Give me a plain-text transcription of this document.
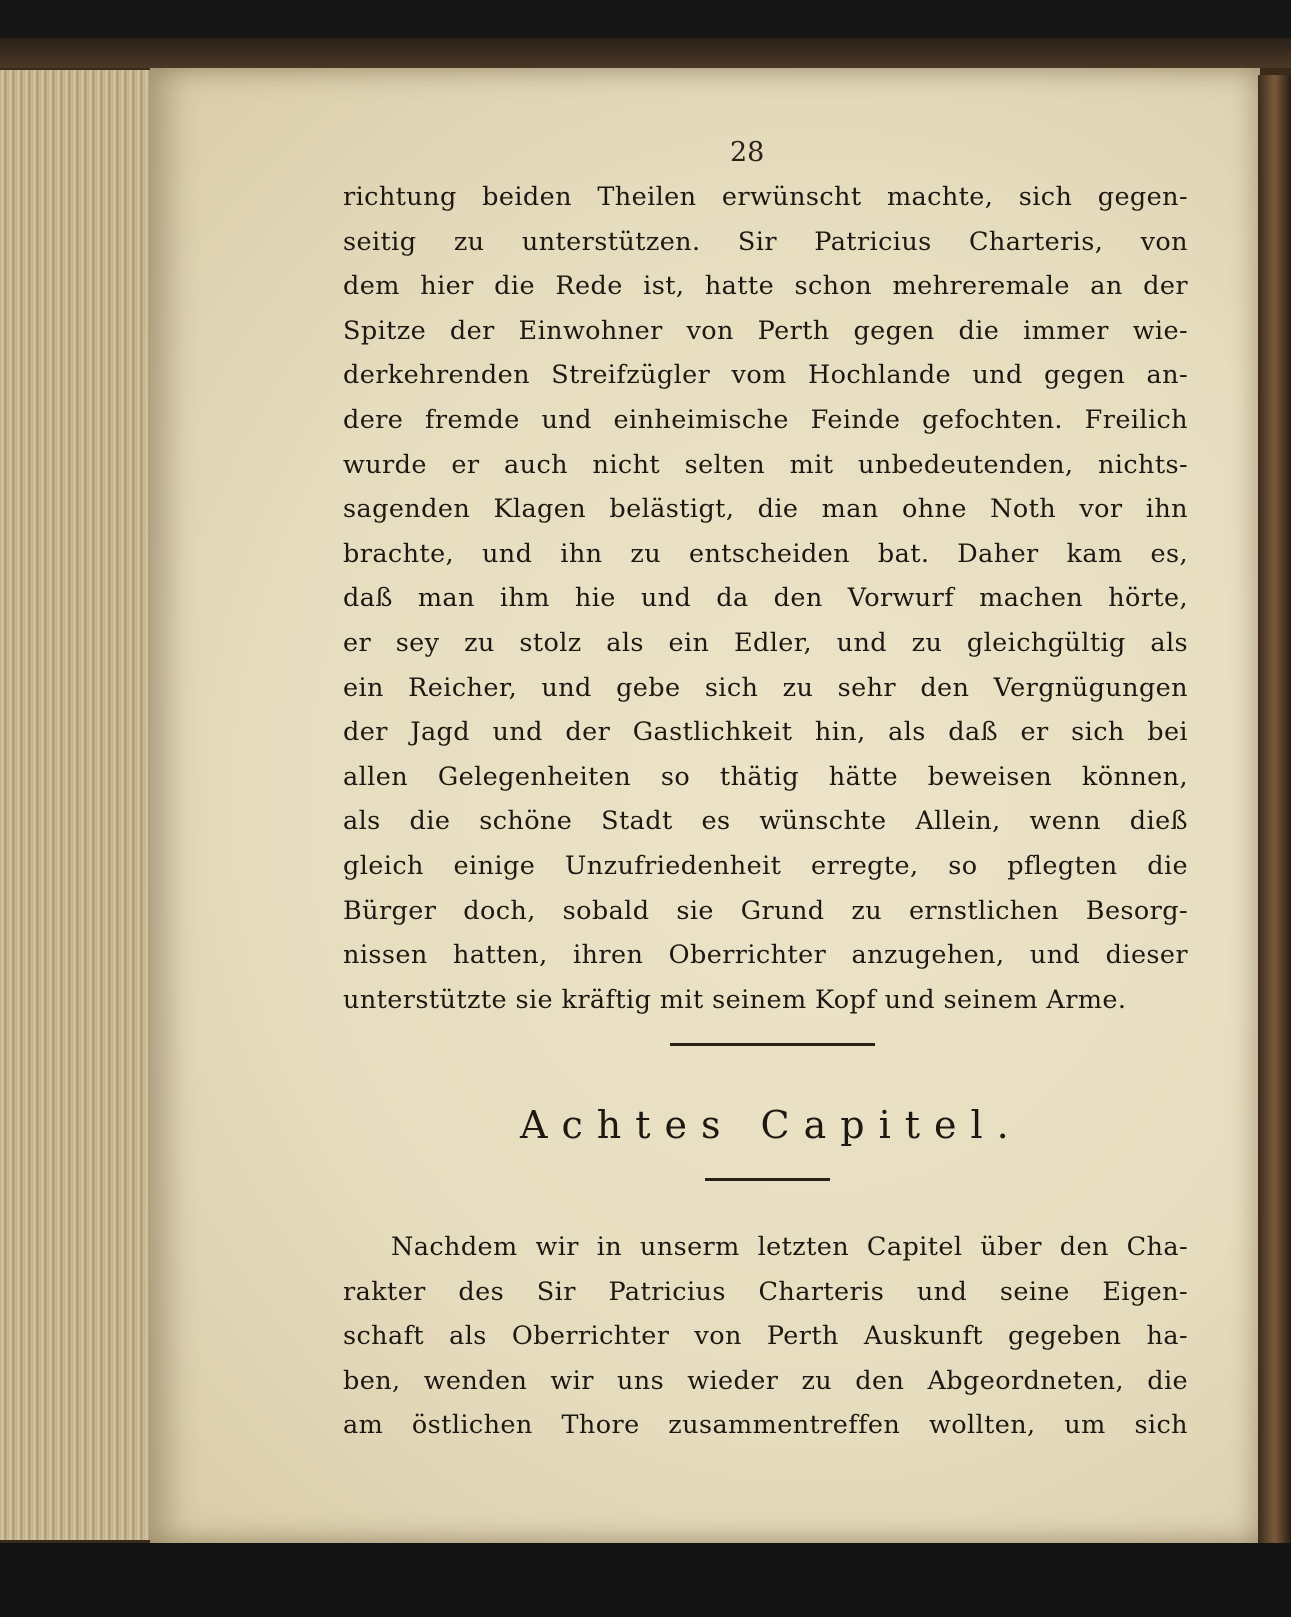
28
richtung beiden Theilen erwünscht machte, sich gegen-
seitig zu unterstützen. Sir Patricius Charteris, von
dem hier die Rede ist, hatte schon mehreremale an der
Spitze der Einwohner von Perth gegen die immer wie-
derkehrenden Streifzügler vom Hochlande und gegen an-
dere fremde und einheimische Feinde gefochten. Freilich
wurde er auch nicht selten mit unbedeutenden, nichts-
sagenden Klagen belästigt, die man ohne Noth vor ihn
brachte, und ihn zu entscheiden bat. Daher kam es,
daß man ihm hie und da den Vorwurf machen hörte,
er sey zu stolz als ein Edler, und zu gleichgültig als
ein Reicher, und gebe sich zu sehr den Vergnügungen
der Jagd und der Gastlichkeit hin, als daß er sich bei
allen Gelegenheiten so thätig hätte beweisen können,
als die schöne Stadt es wünschte Allein, wenn dieß
gleich einige Unzufriedenheit erregte, so pflegten die
Bürger doch, sobald sie Grund zu ernstlichen Besorg-
nissen hatten, ihren Oberrichter anzugehen, und dieser
unterstützte sie kräftig mit seinem Kopf und seinem Arme.
Achtes Capitel.
Nachdem wir in unserm letzten Capitel über den Cha-
rakter des Sir Patricius Charteris und seine Eigen-
schaft als Oberrichter von Perth Auskunft gegeben ha-
ben, wenden wir uns wieder zu den Abgeordneten, die
am östlichen Thore zusammentreffen wollten, um sich
